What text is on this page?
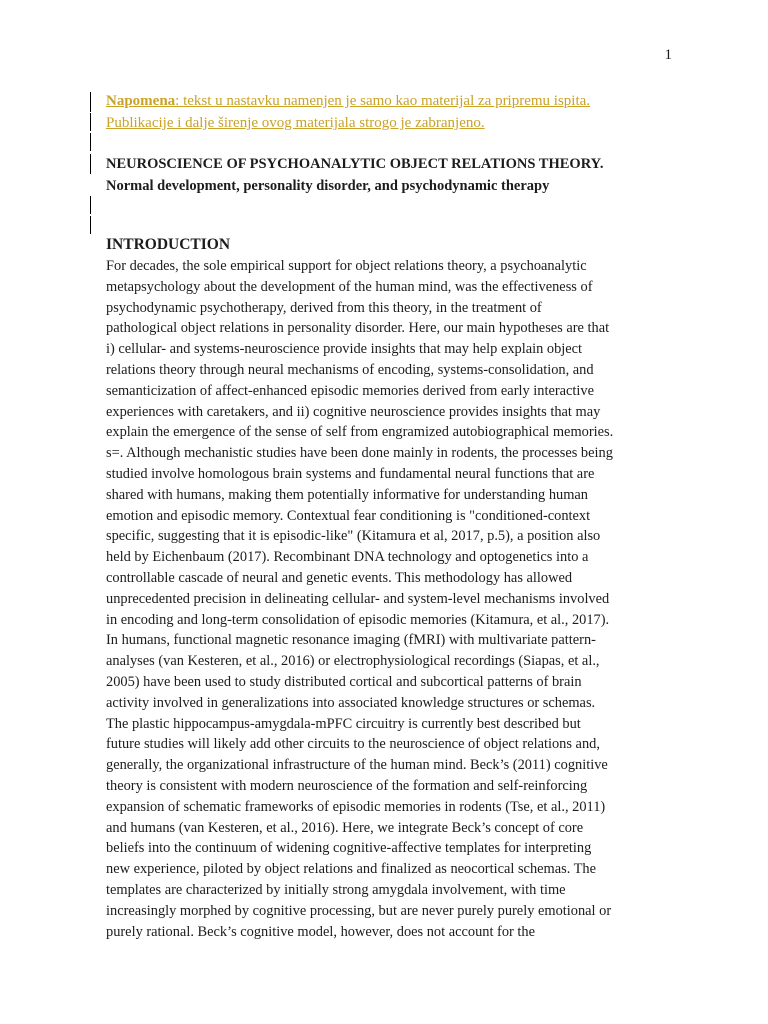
1

Napomena: tekst u nastavku namenjen je samo kao materijal za pripremu ispita.

Publikacije i dalje širenje ovog materijala strogo je zabranjeno.

NEUROSCIENCE OF PSYCHOANALYTIC OBJECT RELATIONS THEORY.
Normal development, personality disorder, and psychodynamic therapy
INTRODUCTION
For decades, the sole empirical support for object relations theory, a psychoanalytic
metapsychology about the development of the human mind, was the effectiveness of
psychodynamic psychotherapy, derived from this theory, in the treatment of
pathological object relations in personality disorder. Here, our main hypotheses are that
i) cellular- and systems-neuroscience provide insights that may help explain object
relations theory through neural mechanisms of encoding, systems-consolidation, and
semanticization of affect-enhanced episodic memories derived from early interactive
experiences with caretakers, and ii) cognitive neuroscience provides insights that may
explain the emergence of the sense of self from engramized autobiographical memories.
s=. Although mechanistic studies have been done mainly in rodents, the processes being
studied involve homologous brain systems and fundamental neural functions that are
shared with humans, making them potentially informative for understanding human
emotion and episodic memory. Contextual fear conditioning is "conditioned-context
specific, suggesting that it is episodic-like" (Kitamura et al, 2017, p.5), a position also
held by Eichenbaum (2017). Recombinant DNA technology and optogenetics into a
controllable cascade of neural and genetic events. This methodology has allowed
unprecedented precision in delineating cellular- and system-level mechanisms involved
in encoding and long-term consolidation of episodic memories (Kitamura, et al., 2017).
In humans, functional magnetic resonance imaging (fMRI) with multivariate pattern-
analyses (van Kesteren, et al., 2016) or electrophysiological recordings (Siapas, et al.,
2005) have been used to study distributed cortical and subcortical patterns of brain
activity involved in generalizations into associated knowledge structures or schemas.
The plastic hippocampus-amygdala-mPFC circuitry is currently best described but
future studies will likely add other circuits to the neuroscience of object relations and,
generally, the organizational infrastructure of the human mind. Beck’s (2011) cognitive
theory is consistent with modern neuroscience of the formation and self-reinforcing
expansion of schematic frameworks of episodic memories in rodents (Tse, et al., 2011)
and humans (van Kesteren, et al., 2016). Here, we integrate Beck’s concept of core
beliefs into the continuum of widening cognitive-affective templates for interpreting
new experience, piloted by object relations and finalized as neocortical schemas. The
templates are characterized by initially strong amygdala involvement, with time
increasingly morphed by cognitive processing, but are never purely purely emotional or
purely rational. Beck’s cognitive model, however, does not account for the
